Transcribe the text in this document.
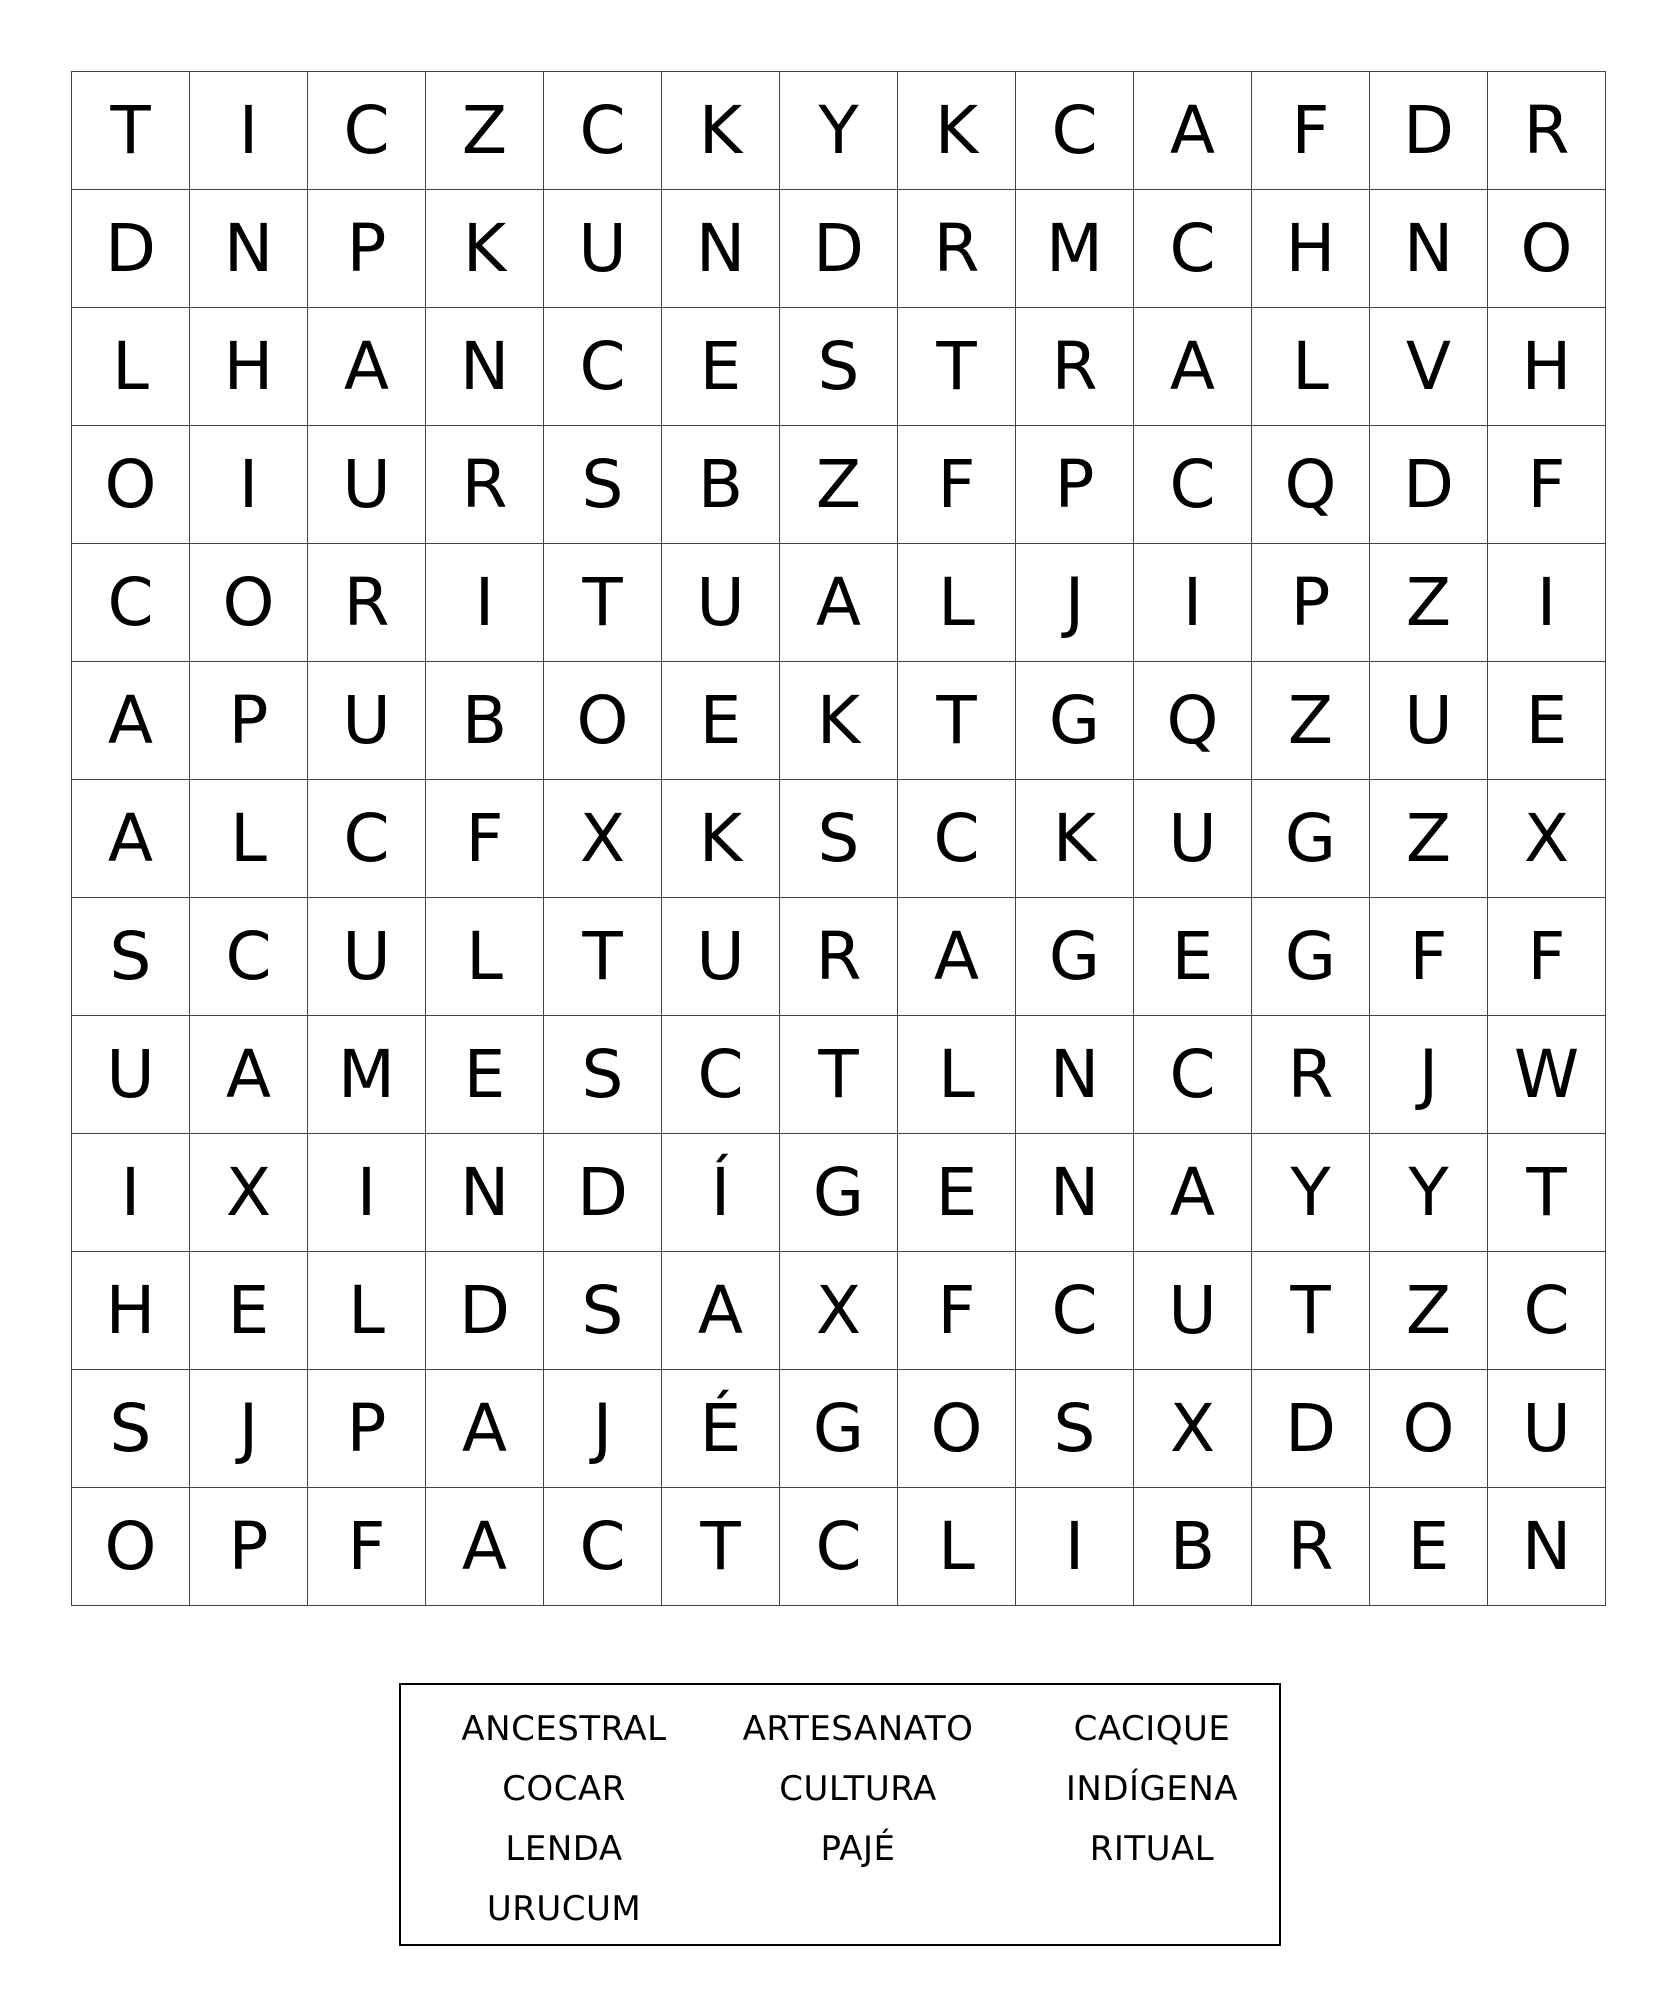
T	I	C	Z	C	K	Y	K	C	A	F	D	R
D	N	P	K	U	N	D	R	M	C	H	N	O
L	H	A	N	C	E	S	T	R	A	L	V	H
O	I	U	R	S	B	Z	F	P	C	Q	D	F
C	O	R	I	T	U	A	L	J	I	P	Z	I
A	P	U	B	O	E	K	T	G	Q	Z	U	E
A	L	C	F	X	K	S	C	K	U	G	Z	X
S	C	U	L	T	U	R	A	G	E	G	F	F
U	A	M	E	S	C	T	L	N	C	R	J	W
I	X	I	N	D	Í	G	E	N	A	Y	Y	T
H	E	L	D	S	A	X	F	C	U	T	Z	C
S	J	P	A	J	É	G	O	S	X	D	O	U
O	P	F	A	C	T	C	L	I	B	R	E	N
ANCESTRAL	ARTESANATO	CACIQUE
COCAR	CULTURA	INDÍGENA
LENDA	PAJÉ	RITUAL
URUCUM
